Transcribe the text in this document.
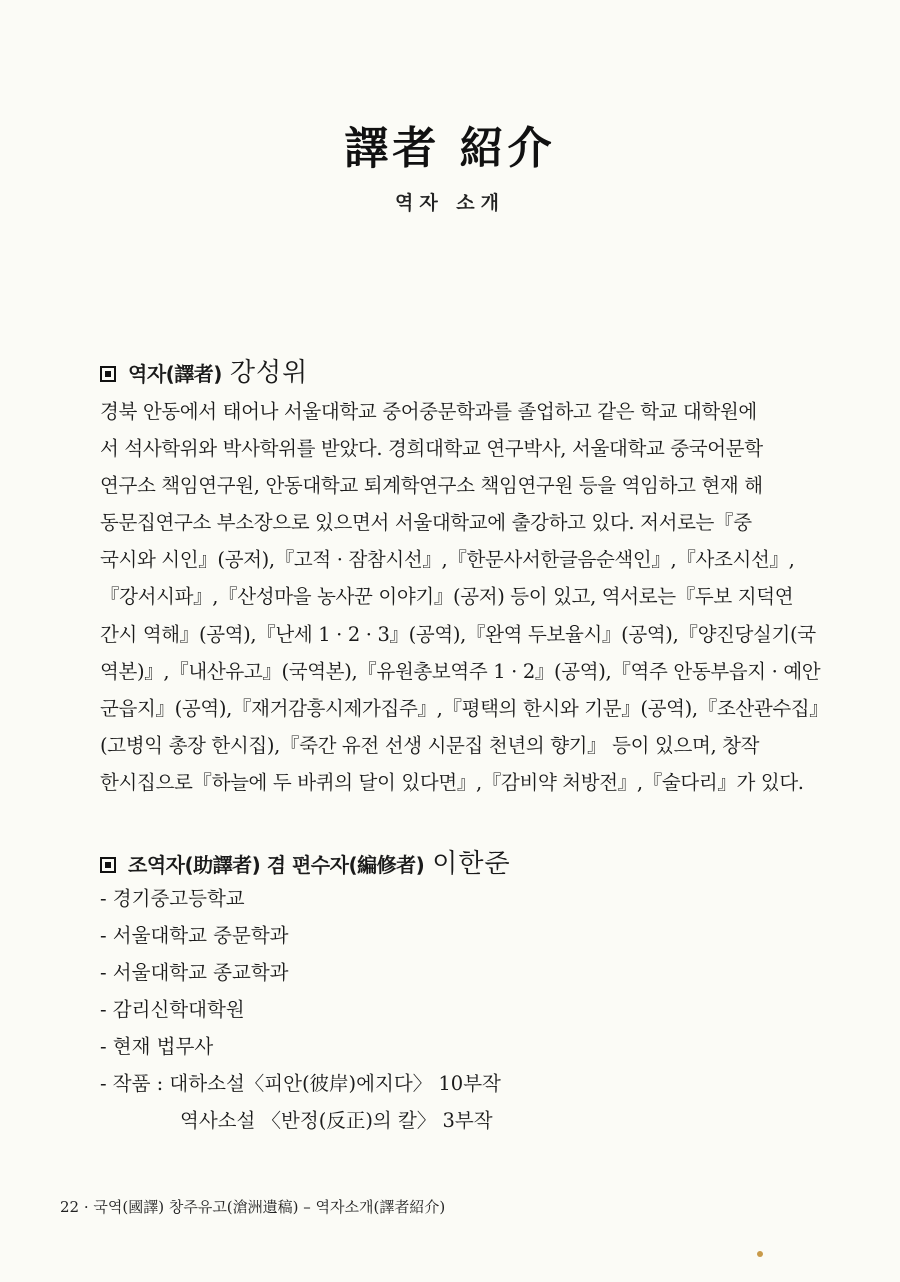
譯者 紹介
역자 소개
역자(譯者) 강성위
경북 안동에서 태어나 서울대학교 중어중문학과를 졸업하고 같은 학교 대학원에
서 석사학위와 박사학위를 받았다. 경희대학교 연구박사, 서울대학교 중국어문학
연구소 책임연구원, 안동대학교 퇴계학연구소 책임연구원 등을 역임하고 현재 해
동문집연구소 부소장으로 있으면서 서울대학교에 출강하고 있다. 저서로는『중
국시와 시인』(공저),『고적 · 잠참시선』,『한문사서한글음순색인』,『사조시선』,
『강서시파』,『산성마을 농사꾼 이야기』(공저) 등이 있고, 역서로는『두보 지덕연
간시 역해』(공역),『난세 1 · 2 · 3』(공역),『완역 두보율시』(공역),『양진당실기(국
역본)』,『내산유고』(국역본),『유원총보역주 1 · 2』(공역),『역주 안동부읍지 · 예안
군읍지』(공역),『재거감흥시제가집주』,『평택의 한시와 기문』(공역),『조산관수집』
(고병익 총장 한시집),『죽간 유전 선생 시문집 천년의 향기』 등이 있으며, 창작
한시집으로『하늘에 두 바퀴의 달이 있다면』,『감비약 처방전』,『술다리』가 있다.
조역자(助譯者) 겸 편수자(編修者) 이한준
- 경기중고등학교
- 서울대학교 중문학과
- 서울대학교 종교학과
- 감리신학대학원
- 현재 법무사
- 작품 : 대하소설〈피안(彼岸)에지다〉 10부작
역사소설 〈반정(反正)의 칼〉 3부작
22 · 국역(國譯) 창주유고(滄洲遺稿) – 역자소개(譯者紹介)
